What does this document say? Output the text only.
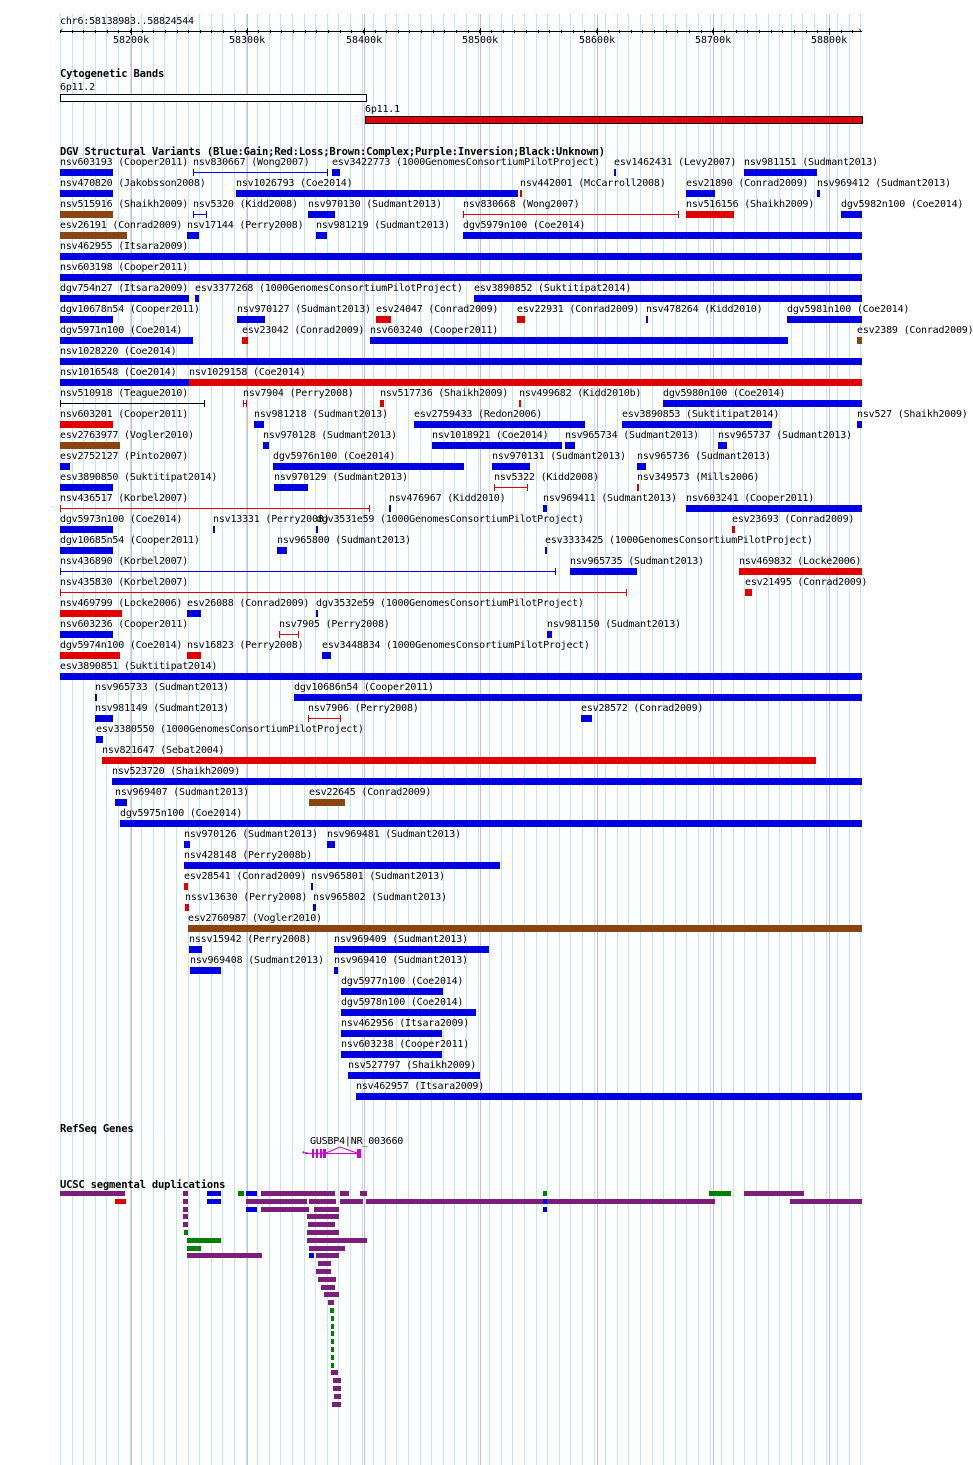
chr6:58138983..58824544
58200k	58300k	58400k	58500k	58600k	58700k	58800k
Cytogenetic Bands
6p11.2
6p11.1
DGV Structural Variants (Blue:Gain;Red:Loss;Brown:Complex;Purple:Inversion;Black:Unknown)
nsv603193 (Cooper2011) nsv830667 (Wong2007) esv3422773 (1000GenomesConsortiumPilotProject) esv1462431 (Levy2007) nsv981151 (Sudmant2013)
nsv470820 (Jakobsson2008)	nsv1026793 (Coe2014)	nsv442001 (McCarroll2008) esv21890 (Conrad2009) nsv969412 (Sudmant2013)
nsv515916 (Shaikh2009) nsv5320 (Kidd2008) nsv970130 (Sudmant2013) nsv830668 (Wong2007)	nsv516156 (Shaikh2009)	dgv5982n100 (Coe2014)
esv26191 (Conrad2009) nsv17144 (Perry2008) nsv981219 (Sudmant2013) dgv5979n100 (Coe2014)
nsv462955 (Itsara2009)
nsv603198 (Cooper2011)
dgv754n27 (Itsara2009) esv3377268 (1000GenomesConsortiumPilotProject) esv3890852 (Suktitipat2014)
dgv10678n54 (Cooper2011)	nsv970127 (Sudmant2013) esv24047 (Conrad2009) esv22931 (Conrad2009) nsv478264 (Kidd2010) dgv5981n100 (Coe2014)
dgv5971n100 (Coe2014)	esv23042 (Conrad2009) nsv603240 (Cooper2011)	esv2389 (Conrad2009)
nsv1028220 (Coe2014)
nsv1016548 (Coe2014) nsv1029158 (Coe2014)
nsv510918 (Teague2010)	nsv7904 (Perry2008)	nsv517736 (Shaikh2009) nsv499682 (Kidd2010b) dgv5980n100 (Coe2014)
nsv603201 (Cooper2011)	nsv981218 (Sudmant2013)	esv2759433 (Redon2006)	esv3890853 (Suktitipat2014)	nsv527 (Shaikh2009)
esv2763977 (Vogler2010)	nsv970128 (Sudmant2013)	nsv1018921 (Coe2014) nsv965734 (Sudmant2013) nsv965737 (Sudmant2013)
esv2752127 (Pinto2007)	dgv5976n100 (Coe2014)	nsv970131 (Sudmant2013) nsv965736 (Sudmant2013)
esv3890850 (Suktitipat2014)	nsv970129 (Sudmant2013)	nsv5322 (Kidd2008)	nsv349573 (Mills2006)
nsv436517 (Korbel2007)	nsv476967 (Kidd2010)	nsv969411 (Sudmant2013) nsv603241 (Cooper2011)
dgv5973n100 (Coe2014)	nsv13331 (Perry2008)
dgv3531e59 (1000GenomesConsortiumPilotProject)	esv23693 (Conrad2009)
dgv10685n54 (Cooper2011)	nsv965800 (Sudmant2013)	esv3333425 (1000GenomesConsortiumPilotProject)
nsv436890 (Korbel2007)	nsv965735 (Sudmant2013)	nsv469832 (Locke2006)
nsv435830 (Korbel2007)	esv21495 (Conrad2009)
nsv469799 (Locke2006) esv26088 (Conrad2009) dgv3532e59 (1000GenomesConsortiumPilotProject)
nsv603236 (Cooper2011)	nsv7905 (Perry2008)	nsv981150 (Sudmant2013)
dgv5974n100 (Coe2014) nsv16823 (Perry2008) esv3448834 (1000GenomesConsortiumPilotProject)
esv3890851 (Suktitipat2014)
nsv965733 (Sudmant2013)	dgv10686n54 (Cooper2011)
nsv981149 (Sudmant2013)	nsv7906 (Perry2008)	esv28572 (Conrad2009)
esv3380550 (1000GenomesConsortiumPilotProject)
nsv821647 (Sebat2004)
nsv523720 (Shaikh2009)
nsv969407 (Sudmant2013)	esv22645 (Conrad2009)
dgv5975n100 (Coe2014)
nsv970126 (Sudmant2013) nsv969481 (Sudmant2013)
nsv428148 (Perry2008b)
esv28541 (Conrad2009) nsv965801 (Sudmant2013)
nssv13630 (Perry2008) nsv965802 (Sudmant2013)
esv2760987 (Vogler2010)
nssv15942 (Perry2008) nsv969409 (Sudmant2013)
nsv969408 (Sudmant2013) nsv969410 (Sudmant2013)
dgv5977n100 (Coe2014)
dgv5978n100 (Coe2014)
nsv462956 (Itsara2009)
nsv603238 (Cooper2011)
nsv527797 (Shaikh2009)
nsv462957 (Itsara2009)
RefSeq Genes
GUSBP4|NR_003660
←
UCSC segmental duplications
